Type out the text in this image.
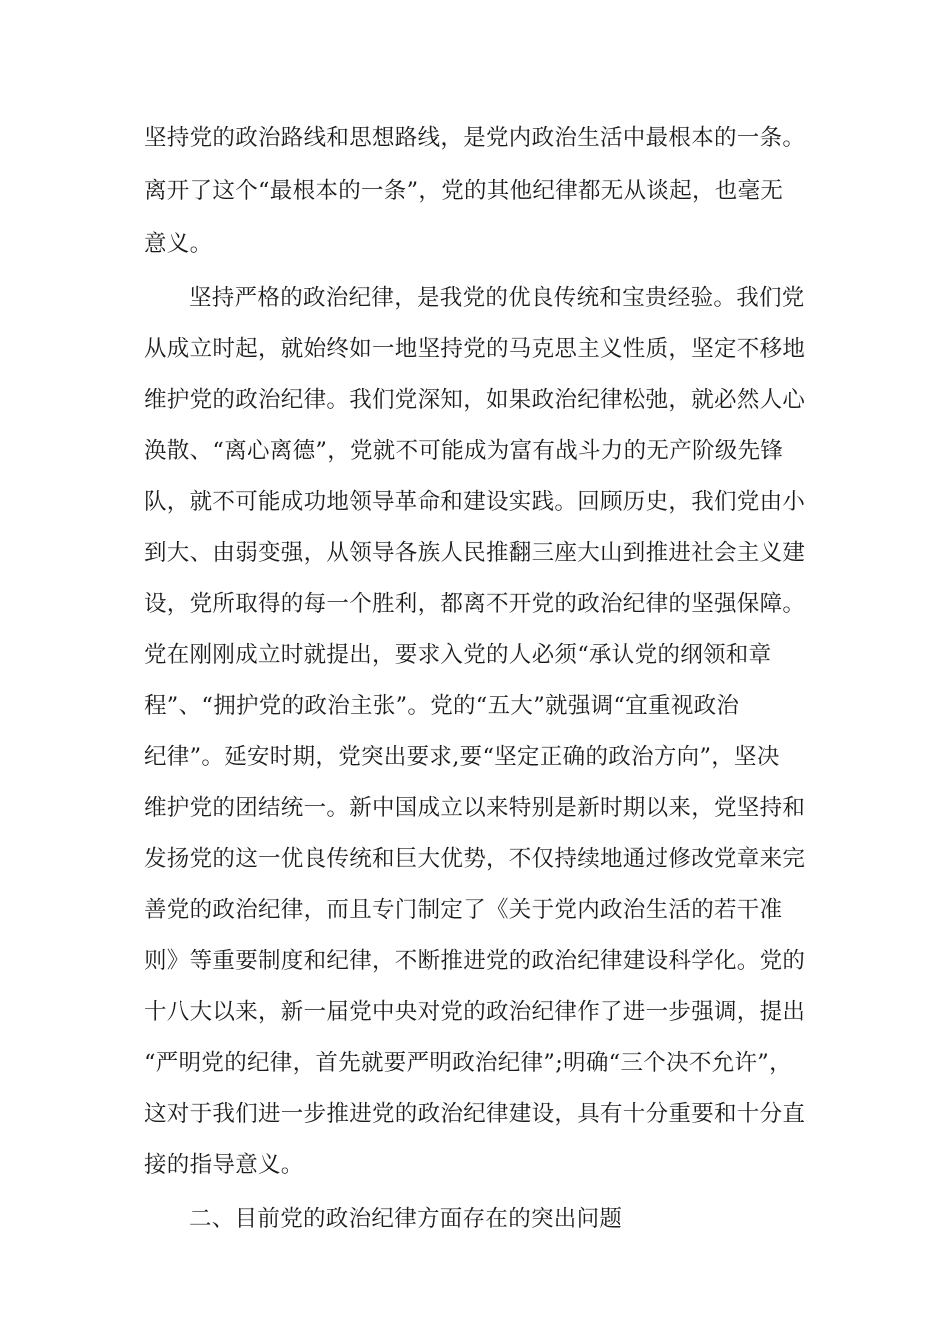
坚持党的政治路线和思想路线，是党内政治生活中最根本的一条。
离开了这个“最根本的一条”，党的其他纪律都无从谈起，也毫无
意义。
坚持严格的政治纪律，是我党的优良传统和宝贵经验。我们党
从成立时起，就始终如一地坚持党的马克思主义性质，坚定不移地
维护党的政治纪律。我们党深知，如果政治纪律松弛，就必然人心
涣散、“离心离德”，党就不可能成为富有战斗力的无产阶级先锋
队，就不可能成功地领导革命和建设实践。回顾历史，我们党由小
到大、由弱变强，从领导各族人民推翻三座大山到推进社会主义建
设，党所取得的每一个胜利，都离不开党的政治纪律的坚强保障。
党在刚刚成立时就提出，要求入党的人必须“承认党的纲领和章
程”、“拥护党的政治主张”。党的“五大”就强调“宜重视政治
纪律”。延安时期，党突出要求,要“坚定正确的政治方向”，坚决
维护党的团结统一。新中国成立以来特别是新时期以来，党坚持和
发扬党的这一优良传统和巨大优势，不仅持续地通过修改党章来完
善党的政治纪律，而且专门制定了《关于党内政治生活的若干准
则》等重要制度和纪律，不断推进党的政治纪律建设科学化。党的
十八大以来，新一届党中央对党的政治纪律作了进一步强调，提出
“严明党的纪律，首先就要严明政治纪律”;明确“三个决不允许”，
这对于我们进一步推进党的政治纪律建设，具有十分重要和十分直
接的指导意义。
二、目前党的政治纪律方面存在的突出问题
